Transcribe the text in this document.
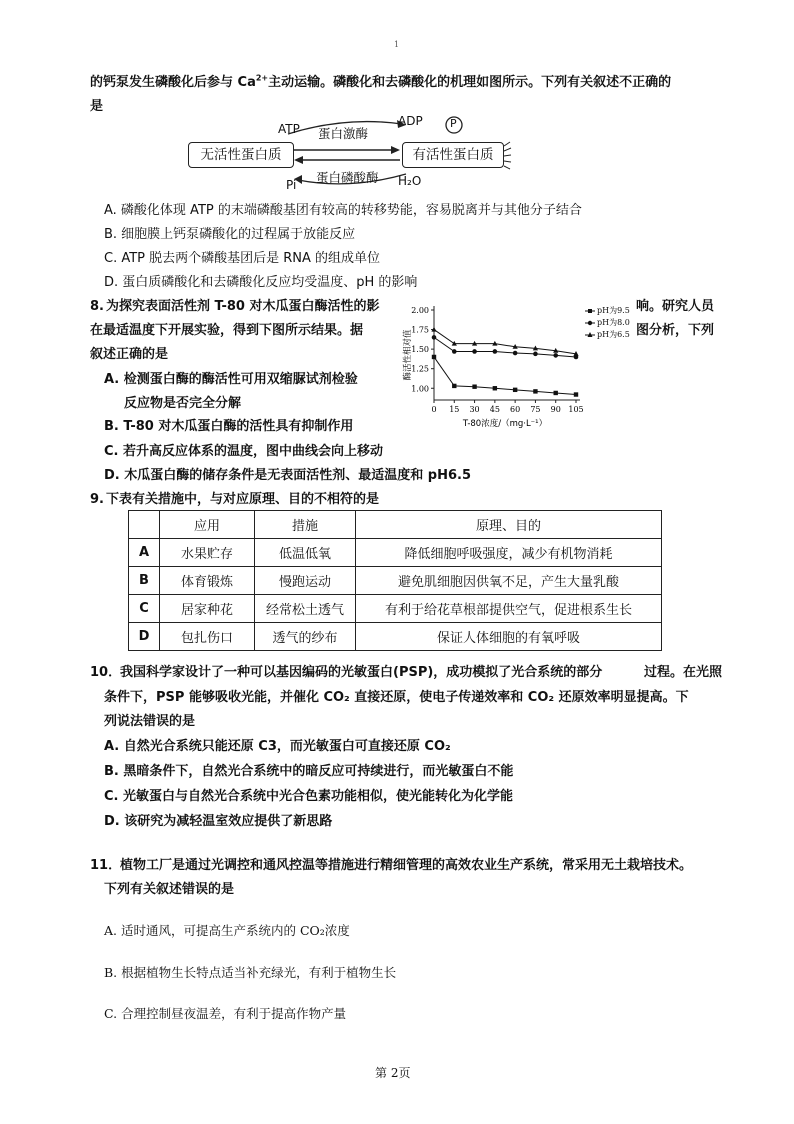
1
的钙泵发生磷酸化后参与 $Ca^{2+}$主动运输。磷酸化和去磷酸化的机理如图所示。下列有关叙述不正确的
是
无活性蛋白质	有活性蛋白质
ATP 蛋白激酶
ADP P
蛋白磷酸酶
Pi	H₂O
A. 磷酸化体现 ATP 的末端磷酸基团有较高的转移势能，容易脱离并与其他分子结合
B. 细胞膜上钙泵磷酸化的过程属于放能反应
C. ATP 脱去两个磷酸基团后是 RNA 的组成单位
D. 蛋白质磷酸化和去磷酸化反应均受温度、pH 的影响
8. 为探究表面活性剂 T-80 对木瓜蛋白酶活性的影	响。研究人员
在最适温度下开展实验，得到下图所示结果。据	图分析，下列
叙述正确的是
A. 检测蛋白酶的酶活性可用双缩脲试剂检验
反应物是否完全分解
B. T-80 对木瓜蛋白酶的活性具有抑制作用
C. 若升高反应体系的温度，图中曲线会向上移动
D. 木瓜蛋白酶的储存条件是无表面活性剂、最适温度和 pH6.5
1.00
1.25
1.50
1.75
2.00
0 15 30 45 60 75 90 105
T-80浓度/（mg·L⁻¹）
酶活性相对值
pH为9.5
pH为8.0
pH为6.5
9. 下表有关措施中，与对应原理、目的不相符的是
	应用	措施	原理、目的
A	水果贮存	低温低氧	降低细胞呼吸强度，减少有机物消耗
B	体育锻炼	慢跑运动	避免肌细胞因供氧不足，产生大量乳酸
C	居家种花	经常松土透气	有利于给花草根部提供空气，促进根系生长
D	包扎伤口	透气的纱布	保证人体细胞的有氧呼吸
10．
我国科学家设计了一种可以基因编码的光敏蛋白(PSP)，成功模拟了光合系统的部分	过程。在光照
条件下，PSP 能够吸收光能，并催化 CO₂ 直接还原，使电子传递效率和 CO₂ 还原效率明显提高。下
列说法错误的是
A. 自然光合系统只能还原 C3，而光敏蛋白可直接还原 CO₂
B. 黑暗条件下，自然光合系统中的暗反应可持续进行，而光敏蛋白不能
C. 光敏蛋白与自然光合系统中光合色素功能相似，使光能转化为化学能
D. 该研究为减轻温室效应提供了新思路
11．
植物工厂是通过光调控和通风控温等措施进行精细管理的高效农业生产系统，常采用无土栽培技术。
下列有关叙述错误的是
A. 适时通风，可提高生产系统内的 CO₂浓度
B. 根据植物生长特点适当补充绿光，有利于植物生长
C. 合理控制昼夜温差，有利于提高作物产量
第 2页
